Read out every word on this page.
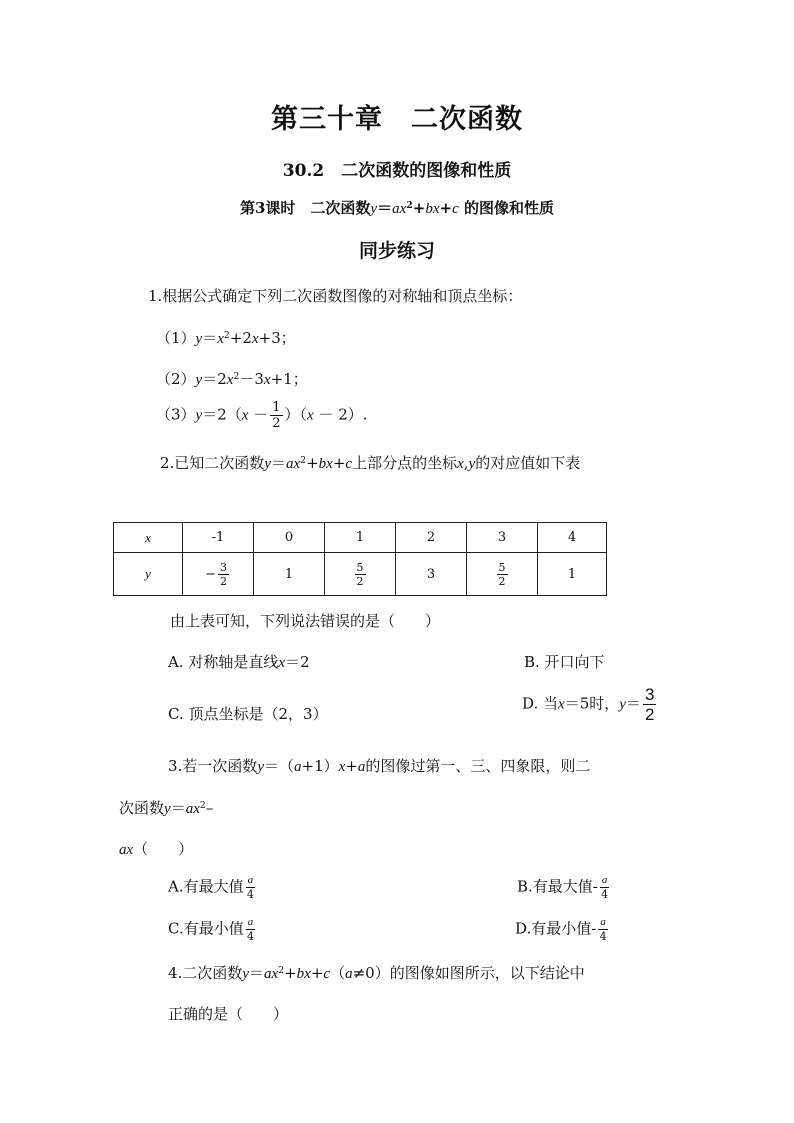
第三十章　二次函数
30.2　二次函数的图像和性质
第3课时　二次函数$y=ax^2+bx+c$ 的图像和性质
同步练习
1.根据公式确定下列二次函数图像的对称轴和顶点坐标：
$(1)y=x^2+2x+3$；
$(2)y=2x^2-3x+1$；
$(3)y=2(x - \frac{1}{2} )(x - 2)$.
2.已知二次函数$y=ax^2+bx+c$上部分点的坐标x,y的对应值如下表
x	-1	0	1	2	3	4
y	− $\frac{3}{2}$	1	$\frac{5}{2}$	3	$\frac{5}{2}$	1
由上表可知，下列说法错误的是（　　）
A. 对称轴是直线x＝2	B. 开口向下
C. 顶点坐标是（2，3）
D. 当x＝5时，$y= \frac{3}{2}$
3.若一次函数y＝（a+1）x+a的图像过第一、三、四象限，则二
次函数$y=ax^2-$
ax（　　）
A.有最大值 $\frac{a}{4}$	B.有最大值- $\frac{a}{4}$
C.有最小值 $\frac{a}{4}$	D.有最小值- $\frac{a}{4}$
4.二次函数$y=ax^2+bx+c(a\ne 0)$的图像如图所示，以下结论中
正确的是（　　）
